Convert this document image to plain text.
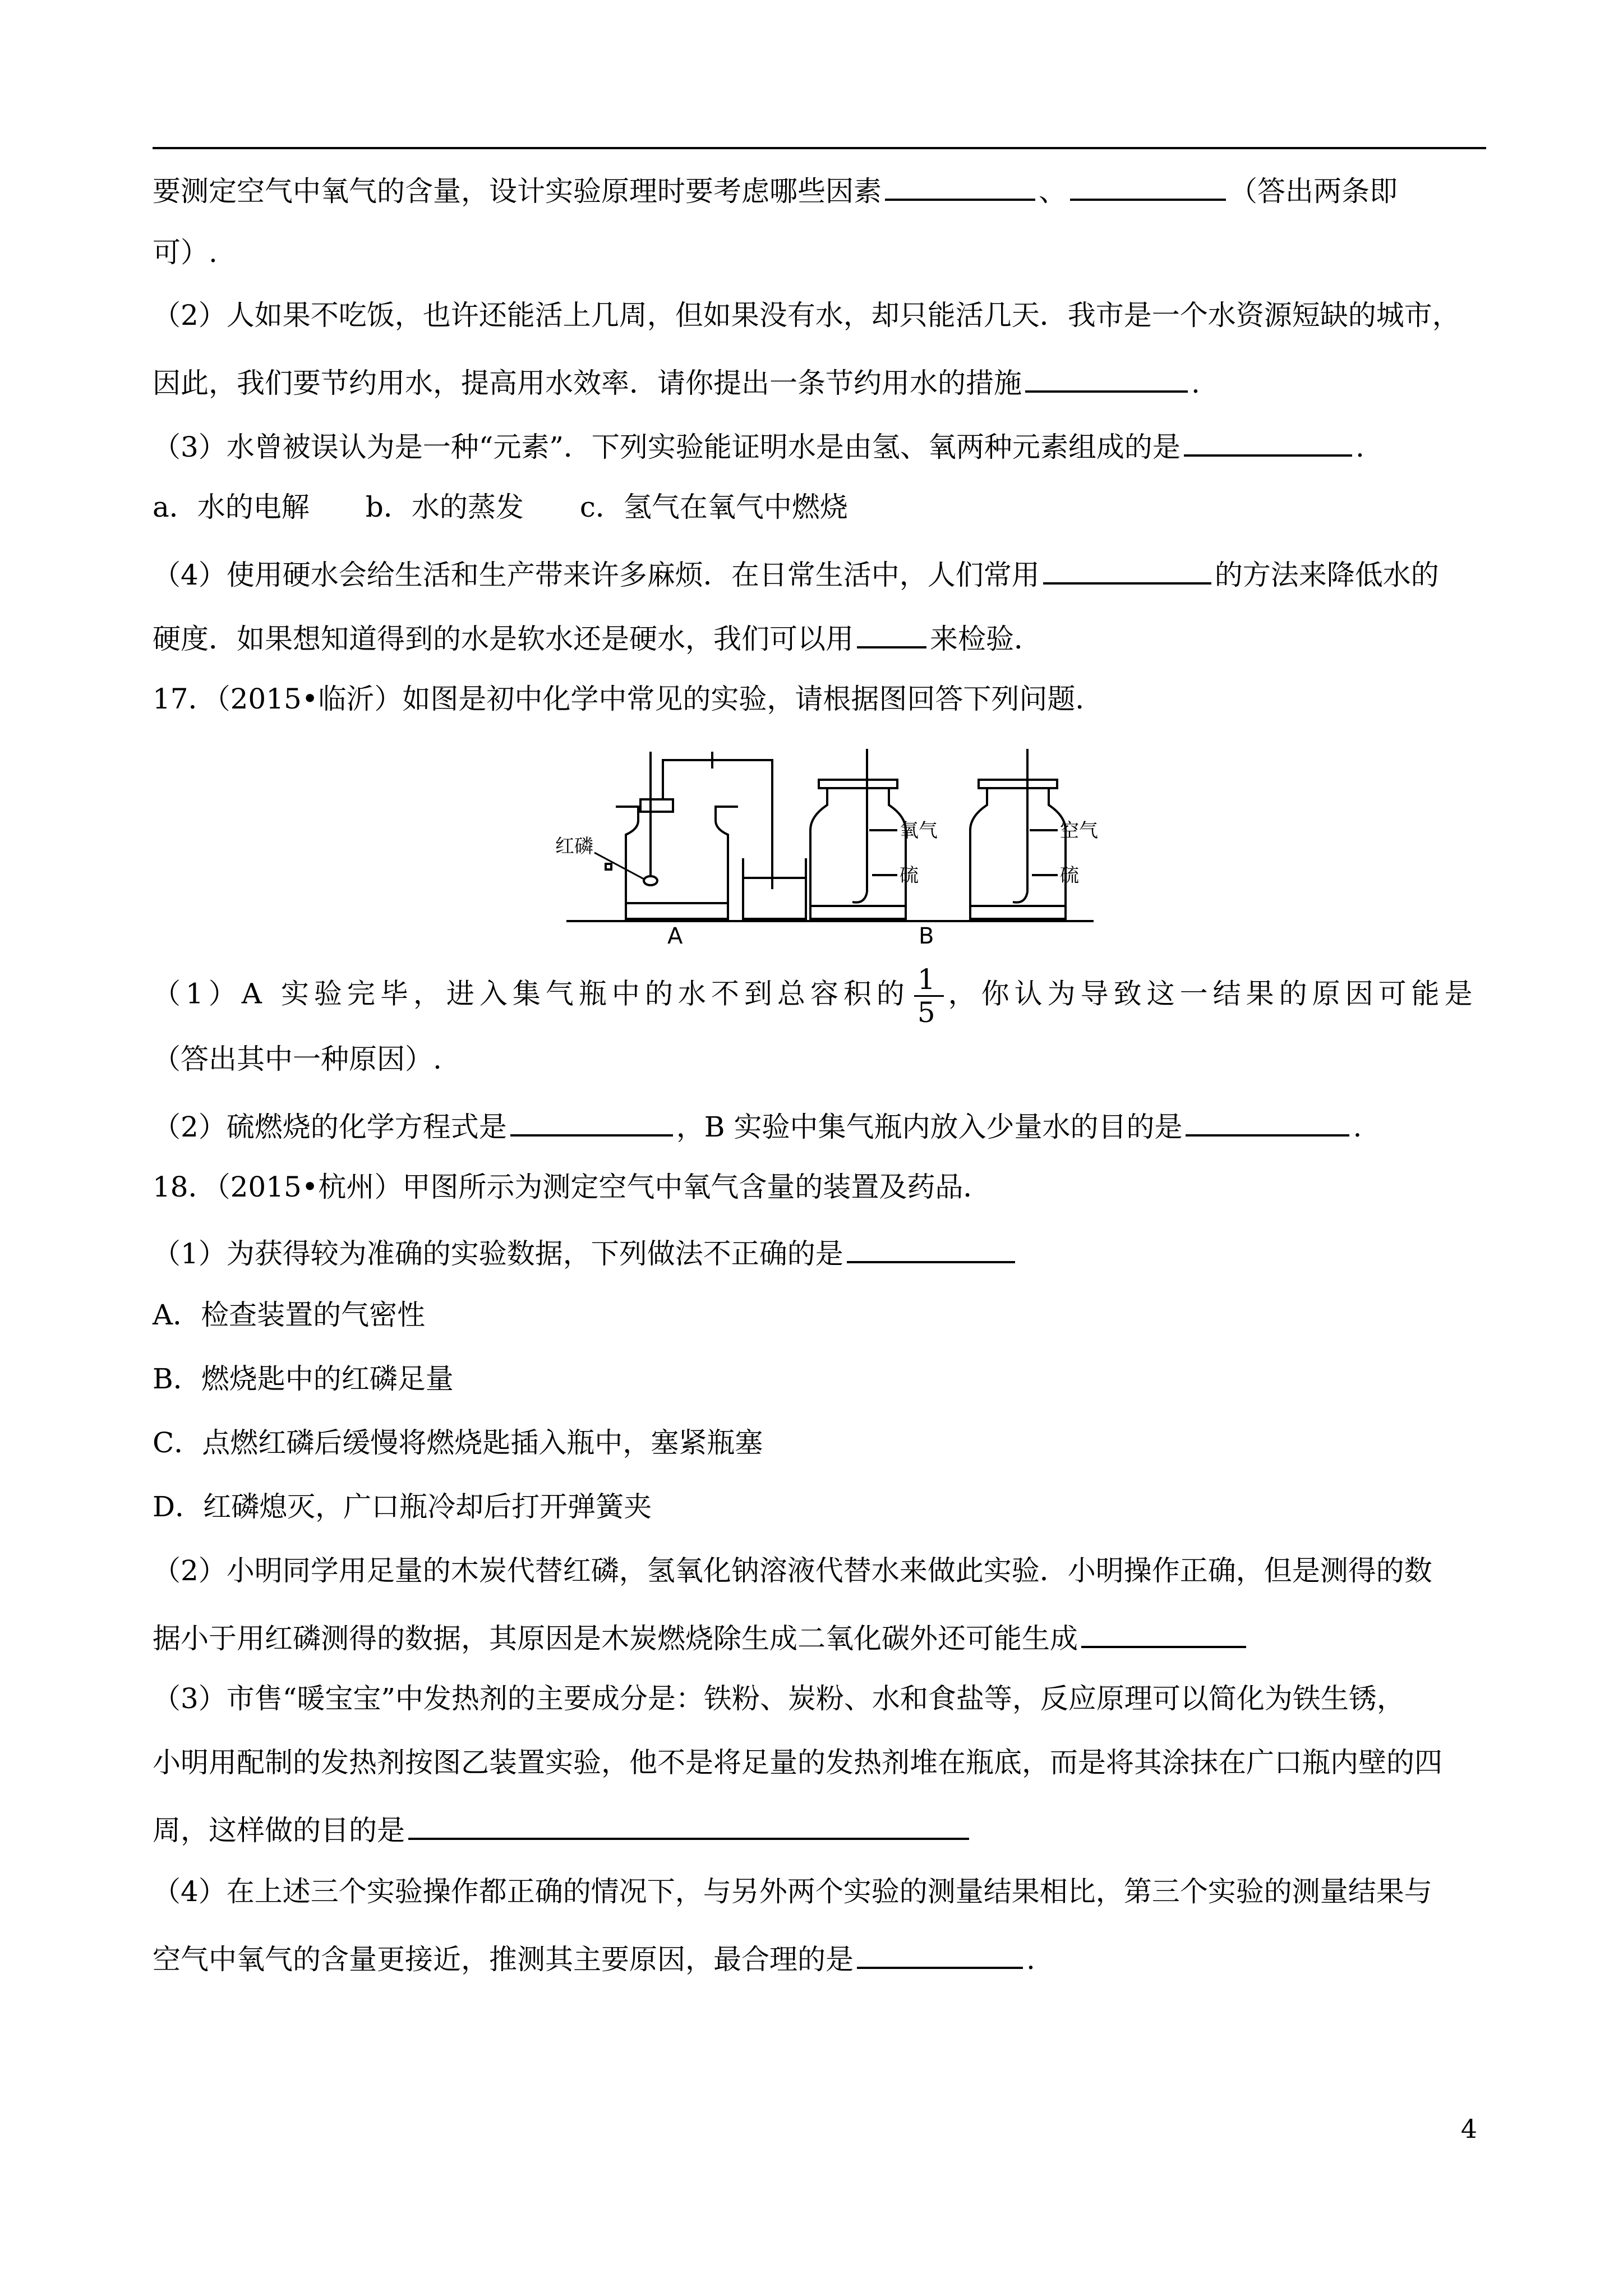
要测定空气中氧气的含量，设计实验原理时要考虑哪些因素	、	（答出两条即
可）.
（2）人如果不吃饭，也许还能活上几周，但如果没有水，却只能活几天．我市是一个水资源短缺的城市，
因此，我们要节约用水，提高用水效率．请你提出一条节约用水的措施	.
（3）水曾被误认为是一种“元素”．下列实验能证明水是由氢、氧两种元素组成的是	.
a．水的电解　　b．水的蒸发　　c．氢气在氧气中燃烧
（4）使用硬水会给生活和生产带来许多麻烦．在日常生活中，人们常用	的方法来降低水的
硬度．如果想知道得到的水是软水还是硬水，我们可以用	来检验．
17．（2015•临沂）如图是初中化学中常见的实验，请根据图回答下列问题．
红磷
A	B
氧气
硫
空气
硫
（1）A 实验完毕，进入集气瓶中的水不到总容积的 $\frac{1}{5}$ ，你认为导致这一结果的原因可能是
（答出其中一种原因）.
（2）硫燃烧的化学方程式是	，B 实验中集气瓶内放入少量水的目的是	.
18．（2015•杭州）甲图所示为测定空气中氧气含量的装置及药品．
（1）为获得较为准确的实验数据，下列做法不正确的是
A．检查装置的气密性
B．燃烧匙中的红磷足量
C．点燃红磷后缓慢将燃烧匙插入瓶中，塞紧瓶塞
D．红磷熄灭，广口瓶冷却后打开弹簧夹
（2）小明同学用足量的木炭代替红磷，氢氧化钠溶液代替水来做此实验．小明操作正确，但是测得的数
据小于用红磷测得的数据，其原因是木炭燃烧除生成二氧化碳外还可能生成
（3）市售“暖宝宝”中发热剂的主要成分是：铁粉、炭粉、水和食盐等，反应原理可以简化为铁生锈，
小明用配制的发热剂按图乙装置实验，他不是将足量的发热剂堆在瓶底，而是将其涂抹在广口瓶内壁的四
周，这样做的目的是
（4）在上述三个实验操作都正确的情况下，与另外两个实验的测量结果相比，第三个实验的测量结果与
空气中氧气的含量更接近，推测其主要原因，最合理的是	.
4
